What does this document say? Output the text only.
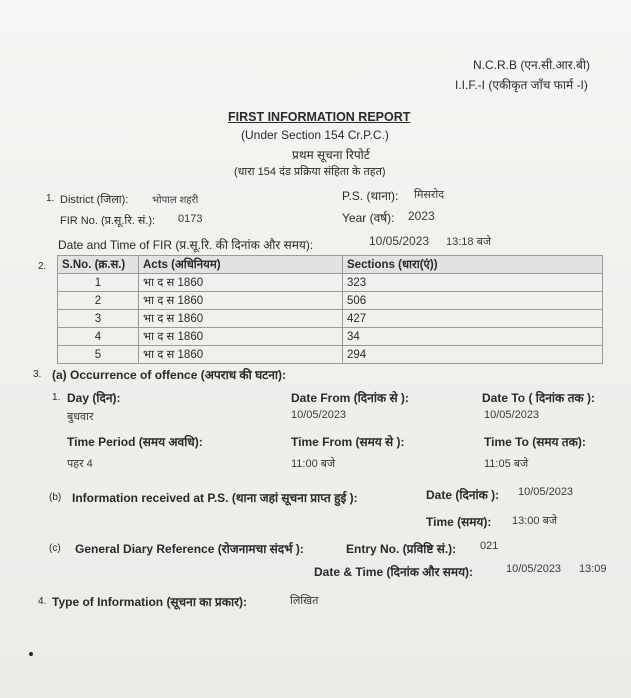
N.C.R.B (एन.सी.आर.बी)
I.I.F.-I (एकीकृत जाँच फार्म -I)
FIRST INFORMATION REPORT
(Under Section 154 Cr.P.C.)
प्रथम सूचना रिपोर्ट
(धारा 154 दंड प्रक्रिया संहिता के तहत)
1. District (जिला): भोपाल शहरी	P.S. (थाना): मिसरोद
FIR No. (प्र.सू.रि. सं.): 0173	Year (वर्ष): 2023
Date and Time of FIR (प्र.सू.रि. की दिनांक और समय):	10/05/2023 13:18 बजे
2. S.No. (क्र.स.)	Acts (अधिनियम)	Sections (धारा(एं))
1	भा द स 1860	323
2	भा द स 1860	506
3	भा द स 1860	427
4	भा द स 1860	34
5	भा द स 1860	294
3. (a) Occurrence of offence (अपराध की घटना):
1. Day (दिन):
बुधवार
Date From (दिनांक से ):
10/05/2023
Date To ( दिनांक तक ):
10/05/2023
Time Period (समय अवधि):
पहर 4
Time From (समय से ):
11:00 बजे
Time To (समय तक):
11:05 बजे
(b) Information received at P.S. (थाना जहां सूचना प्राप्त हुई ):	Date (दिनांक ): 10/05/2023
Time (समय): 13:00 बजे
(c) General Diary Reference (रोजनामचा संदर्भ ):	Entry No. (प्रविष्टि सं.): 021
Date & Time (दिनांक और समय):	10/05/2023 13:09
4. Type of Information (सूचना का प्रकार):	लिखित
